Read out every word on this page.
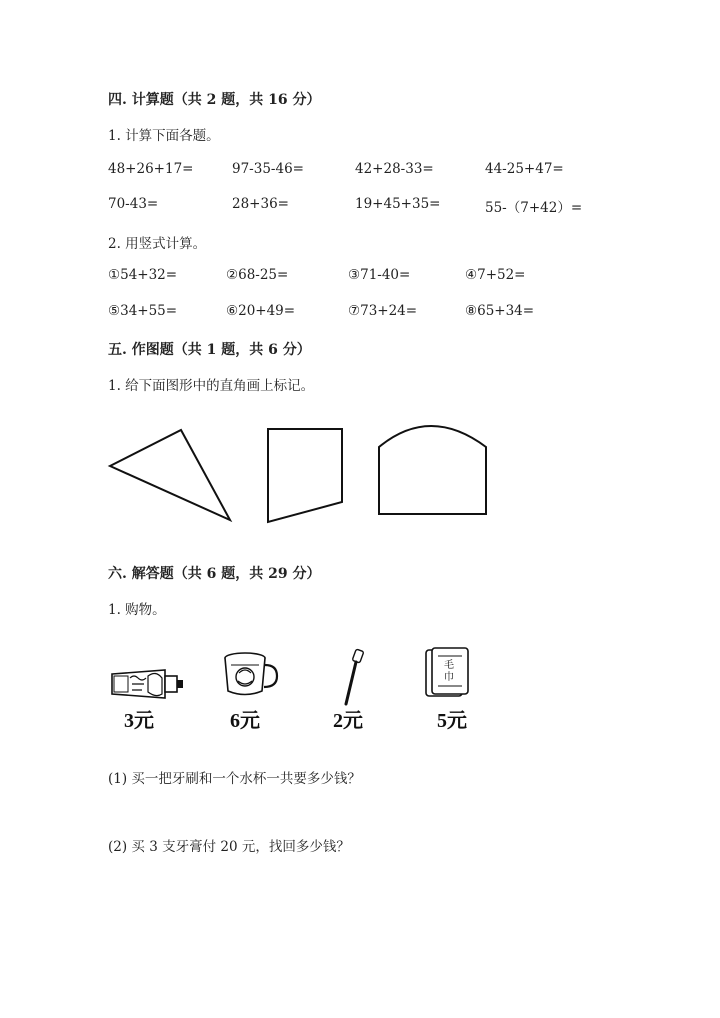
四. 计算题（共 2 题，共 16 分）
1. 计算下面各题。
48+26+17=	97-35-46=	42+28-33=	44-25+47=
70-43=	28+36=	19+45+35=	55-（7+42）=
2. 用竖式计算。
①54+32=	②68-25=	③71-40=	④7+52=
⑤34+55=	⑥20+49=	⑦73+24=	⑧65+34=
五. 作图题（共 1 题，共 6 分）
1. 给下面图形中的直角画上标记。
六. 解答题（共 6 题，共 29 分）
1. 购物。
毛
巾
3元	6元	2元	5元
(1) 买一把牙刷和一个水杯一共要多少钱？
(2) 买 3 支牙膏付 20 元，找回多少钱？
